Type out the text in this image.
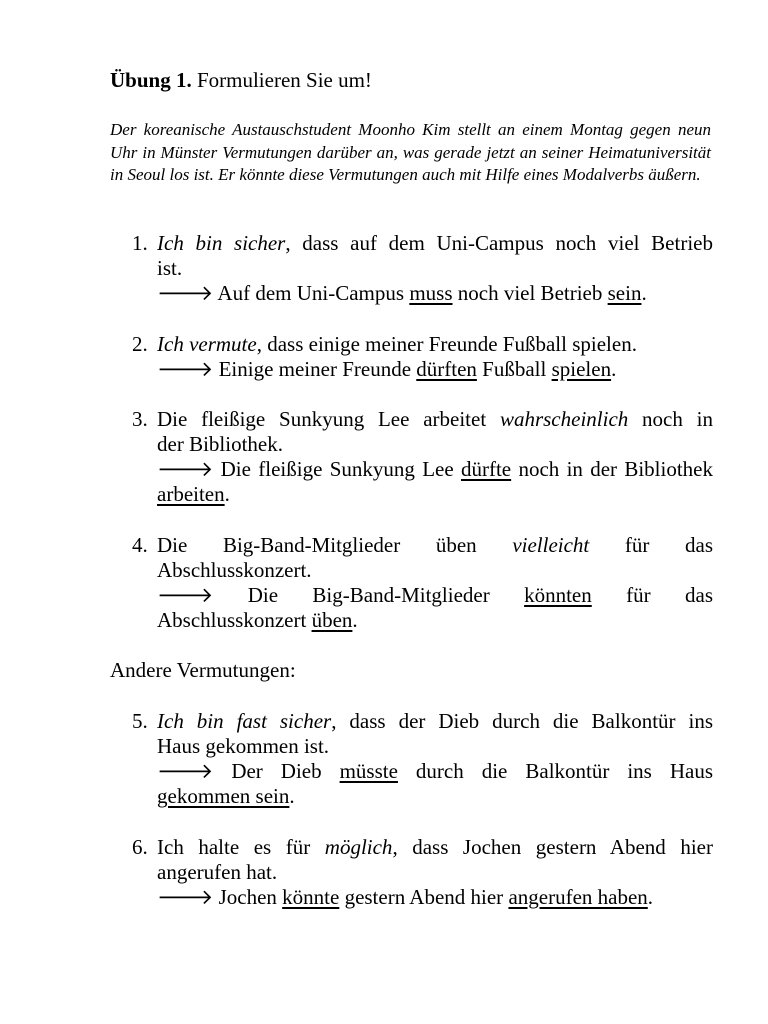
Übung 1. Formulieren Sie um!

Der koreanische Austauschstudent Moonho Kim stellt an einem Montag gegen neun Uhr in Münster Vermutungen darüber an, was gerade jetzt an seiner Heimatuniversität in Seoul los ist. Er könnte diese Vermutungen auch mit Hilfe eines Modalverbs äußern.

1. Ich bin sicher, dass auf dem Uni-Campus noch viel Betrieb
ist.
🡒 Auf dem Uni-Campus muss noch viel Betrieb sein.
2. Ich vermute, dass einige meiner Freunde Fußball spielen.
🡒 Einige meiner Freunde dürften Fußball spielen.
3. Die fleißige Sunkyung Lee arbeitet wahrscheinlich noch in
der Bibliothek.
🡒 Die fleißige Sunkyung Lee dürfte noch in der Bibliothek
arbeiten.
4. Die Big-Band-Mitglieder üben vielleicht für das
Abschlusskonzert.
🡒 Die Big-Band-Mitglieder könnten für das
Abschlusskonzert üben.
Andere Vermutungen:
5. Ich bin fast sicher, dass der Dieb durch die Balkontür ins
Haus gekommen ist.
🡒 Der Dieb müsste durch die Balkontür ins Haus
gekommen sein.
6. Ich halte es für möglich, dass Jochen gestern Abend hier
angerufen hat.
🡒 Jochen könnte gestern Abend hier angerufen haben.
